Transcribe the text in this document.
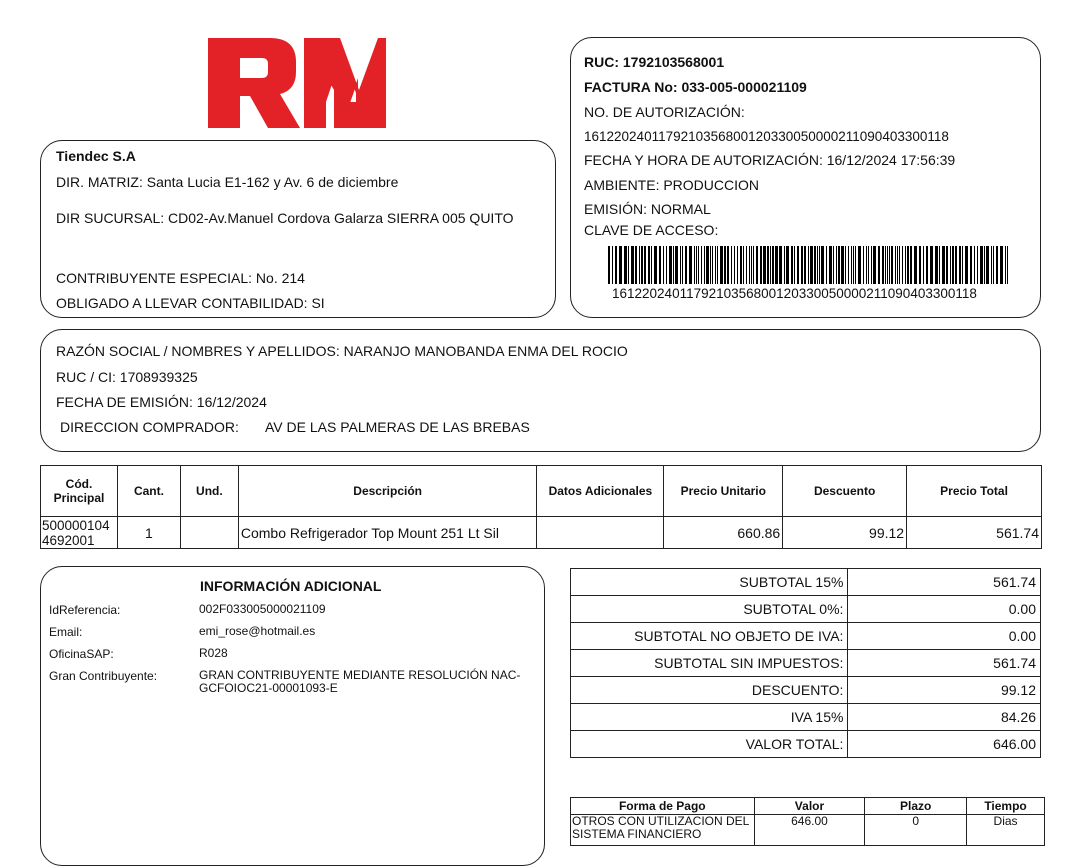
RUC: 1792103568001
FACTURA No: 033-005-000021109
NO. DE AUTORIZACIÓN:
1612202401179210356800120330050000211090403300118
FECHA Y HORA DE AUTORIZACIÓN: 16/12/2024 17:56:39
AMBIENTE: PRODUCCION
EMISIÓN: NORMAL
CLAVE DE ACCESO:
1612202401179210356800120330050000211090403300118
Tiendec S.A
DIR. MATRIZ: Santa Lucia E1-162 y Av. 6 de diciembre
DIR SUCURSAL: CD02-Av.Manuel Cordova Galarza SIERRA 005 QUITO
CONTRIBUYENTE ESPECIAL: No. 214
OBLIGADO A LLEVAR CONTABILIDAD: SI
RAZÓN SOCIAL / NOMBRES Y APELLIDOS: NARANJO MANOBANDA ENMA DEL ROCIO
RUC / CI: 1708939325
FECHA DE EMISIÓN: 16/12/2024
DIRECCION COMPRADOR: AV DE LAS PALMERAS DE LAS BREBAS
Cód.
Principal	Cant.	Und.	Descripción	Datos Adicionales	Precio Unitario	Descuento	Precio Total
500000104
4692001	1		Combo Refrigerador Top Mount 251 Lt Sil		660.86	99.12	561.74
INFORMACIÓN ADICIONAL
IdReferencia:	002F033005000021109
Email:	emi_rose@hotmail.es
OficinaSAP:	R028
Gran Contribuyente:	GRAN CONTRIBUYENTE MEDIANTE RESOLUCIÓN NAC-GCFOIOC21-00001093-E
SUBTOTAL 15%	561.74
SUBTOTAL 0%:	0.00
SUBTOTAL NO OBJETO DE IVA:	0.00
SUBTOTAL SIN IMPUESTOS:	561.74
DESCUENTO:	99.12
IVA 15%	84.26
VALOR TOTAL:	646.00
Forma de Pago	Valor	Plazo	Tiempo
OTROS CON UTILIZACION DEL SISTEMA FINANCIERO	646.00	0	Dias
